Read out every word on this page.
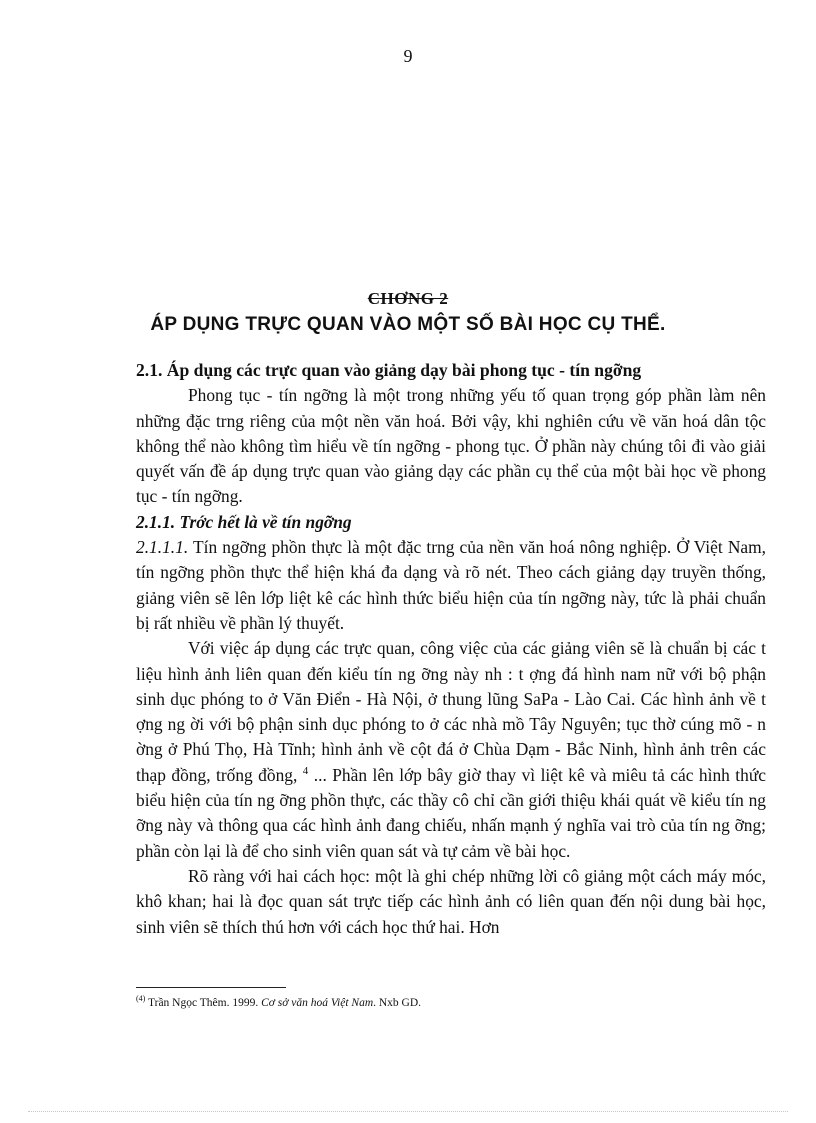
9
CHƠNG 2
ÁP DỤNG TRỰC QUAN VÀO MỘT SỐ BÀI HỌC CỤ THỂ.

2.1. Áp dụng các trực quan vào giảng dạy bài phong tục - tín ngỡng

Phong tục - tín ngỡng là một trong những yếu tố quan trọng góp phần làm nên những đặc trng riêng của một nền văn hoá. Bởi vậy, khi nghiên cứu về văn hoá dân tộc không thể nào không tìm hiểu về tín ngỡng - phong tục. Ở phần này chúng tôi đi vào giải quyết vấn đề áp dụng trực quan vào giảng dạy các phần cụ thể của một bài học về phong tục - tín ngỡng.

2.1.1. Trớc hết là về tín ngỡng

2.1.1.1. Tín ngỡng phồn thực là một đặc trng của nền văn hoá nông nghiệp. Ở Việt Nam, tín ngỡng phồn thực thể hiện khá đa dạng và rõ nét. Theo cách giảng dạy truyền thống, giảng viên sẽ lên lớp liệt kê các hình thức biểu hiện của tín ngỡng này, tức là phải chuẩn bị rất nhiều về phần lý thuyết.

Với việc áp dụng các trực quan, công việc của các giảng viên sẽ là chuẩn bị các t liệu hình ảnh liên quan đến kiểu tín ng ỡng này nh : t ợng đá hình nam nữ với bộ phận sinh dục phóng to ở Văn Điển - Hà Nội, ở thung lũng SaPa - Lào Cai. Các hình ảnh về t ợng ng ời với bộ phận sinh dục phóng to ở các nhà mồ Tây Nguyên; tục thờ cúng mõ - n ờng ở Phú Thọ, Hà Tĩnh; hình ảnh về cột đá ở Chùa Dạm - Bắc Ninh, hình ảnh trên các thạp đồng, trống đồng, $^4$ ... Phần lên lớp bây giờ thay vì liệt kê và miêu tả các hình thức biểu hiện của tín ng ỡng phồn thực, các thầy cô chỉ cần giới thiệu khái quát về kiểu tín ng ỡng này và thông qua các hình ảnh đang chiếu, nhấn mạnh ý nghĩa vai trò của tín ng ỡng; phần còn lại là để cho sinh viên quan sát và tự cảm về bài học.

Rõ ràng với hai cách học: một là ghi chép những lời cô giảng một cách máy móc, khô khan; hai là đọc quan sát trực tiếp các hình ảnh có liên quan đến nội dung bài học, sinh viên sẽ thích thú hơn với cách học thứ hai. Hơn

$^{(4)}$ Trần Ngọc Thêm. 1999. Cơ sở văn hoá Việt Nam. Nxb GD.
